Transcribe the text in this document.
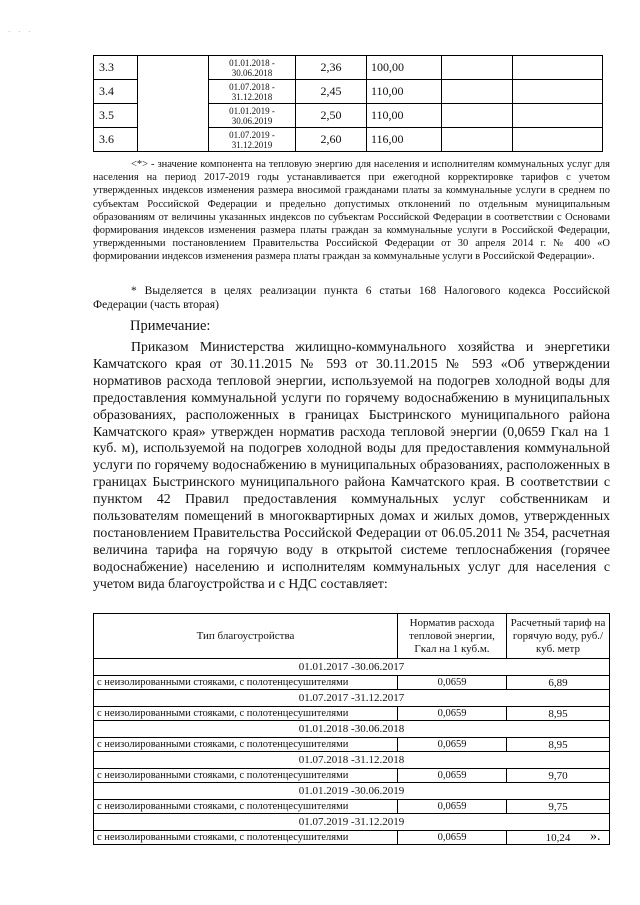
· · ·
3.3		01.01.2018 - 30.06.2018	2,36	100,00		
3.4		01.07.2018 - 31.12.2018	2,45	110,00		
3.5		01.01.2019 - 30.06.2019	2,50	110,00		
3.6		01.07.2019 - 31.12.2019	2,60	116,00		
<*> - значение компонента на тепловую энергию для населения и исполнителям коммунальных услуг для населения на период 2017-2019 годы устанавливается при ежегодной корректировке тарифов с учетом утвержденных индексов изменения размера вносимой гражданами платы за коммунальные услуги в среднем по субъектам Российской Федерации и предельно допустимых отклонений по отдельным муниципальным образованиям от величины указанных индексов по субъектам Российской Федерации в соответствии с Основами формирования индексов изменения размера платы граждан за коммунальные услуги в Российской Федерации, утвержденными постановлением Правительства Российской Федерации от 30 апреля 2014 г. № 400 «О формировании индексов изменения размера платы граждан за коммунальные услуги в Российской Федерации».
* Выделяется в целях реализации пункта 6 статьи 168 Налогового кодекса Российской Федерации (часть вторая)
Примечание:
Приказом Министерства жилищно-коммунального хозяйства и энергетики Камчатского края от 30.11.2015 № 593 от 30.11.2015 № 593 «Об утверждении нормативов расхода тепловой энергии, используемой на подогрев холодной воды для предоставления коммунальной услуги по горячему водоснабжению в муниципальных образованиях, расположенных в границах Быстринского муниципального района Камчатского края» утвержден норматив расхода тепловой энергии (0,0659 Гкал на 1 куб. м), используемой на подогрев холодной воды для предоставления коммунальной услуги по горячему водоснабжению в муниципальных образованиях, расположенных в границах Быстринского муниципального района Камчатского края. В соответствии с пунктом 42 Правил предоставления коммунальных услуг собственникам и пользователям помещений в многоквартирных домах и жилых домов, утвержденных постановлением Правительства Российской Федерации от 06.05.2011 № 354, расчетная величина тарифа на горячую воду в открытой системе теплоснабжения (горячее водоснабжение) населению и исполнителям коммунальных услуг для населения с учетом вида благоустройства и с НДС составляет:
Тип благоустройства	Норматив расхода тепловой энергии, Гкал на 1 куб.м.	Расчетный тариф на горячую воду, руб./куб. метр
01.01.2017 -30.06.2017		
с неизолированными стояками, с полотенцесушителями	0,0659	6,89
01.07.2017 -31.12.2017		
с неизолированными стояками, с полотенцесушителями	0,0659	8,95
01.01.2018 -30.06.2018		
с неизолированными стояками, с полотенцесушителями	0,0659	8,95
01.07.2018 -31.12.2018		
с неизолированными стояками, с полотенцесушителями	0,0659	9,70
01.01.2019 -30.06.2019		
с неизолированными стояками, с полотенцесушителями	0,0659	9,75
01.07.2019 -31.12.2019		
с неизолированными стояками, с полотенцесушителями	0,0659	10,24 ».
